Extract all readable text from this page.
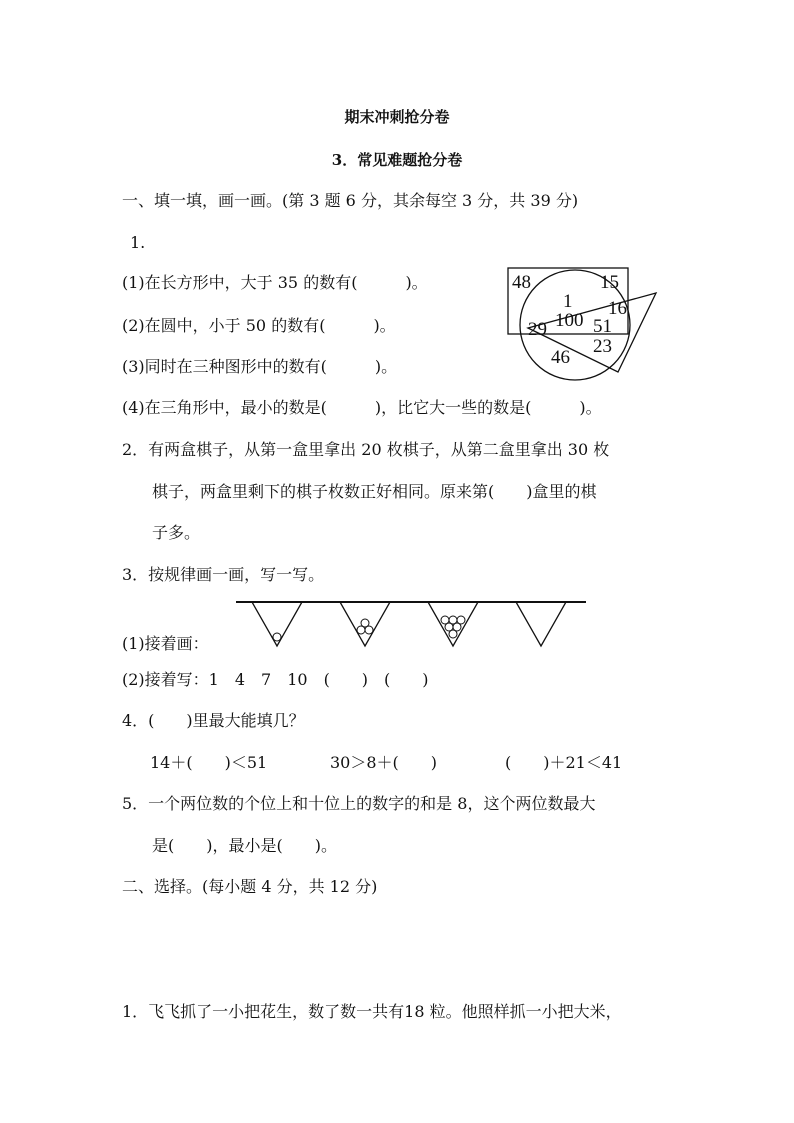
期末冲刺抢分卷
3．常见难题抢分卷
一、填一填，画一画。(第 3 题 6 分，其余每空 3 分，共 39 分)
1.
(1)在长方形中，大于 35 的数有(　　　)。
(2)在圆中，小于 50 的数有(　　　)。
(3)同时在三种图形中的数有(　　　)。
(4)在三角形中，最小的数是(　　　)，比它大一些的数是(　　　)。
48	15
1 16
29 100 51
23
46
2．有两盒棋子，从第一盒里拿出 20 枚棋子，从第二盒里拿出 30 枚
棋子，两盒里剩下的棋子枚数正好相同。原来第(　　)盒里的棋
子多。
3．按规律画一画，写一写。
(1)接着画：
(2)接着写：1　4　7　10　(　　)　(　　)
4．(　　)里最大能填几？
14＋(　　)＜51	30＞8＋(　　)	(　　)＋21＜41
5．一个两位数的个位上和十位上的数字的和是 8，这个两位数最大
是(　　)，最小是(　　)。
二、选择。(每小题 4 分，共 12 分)
1．飞飞抓了一小把花生，数了数一共有18 粒。他照样抓一小把大米，
